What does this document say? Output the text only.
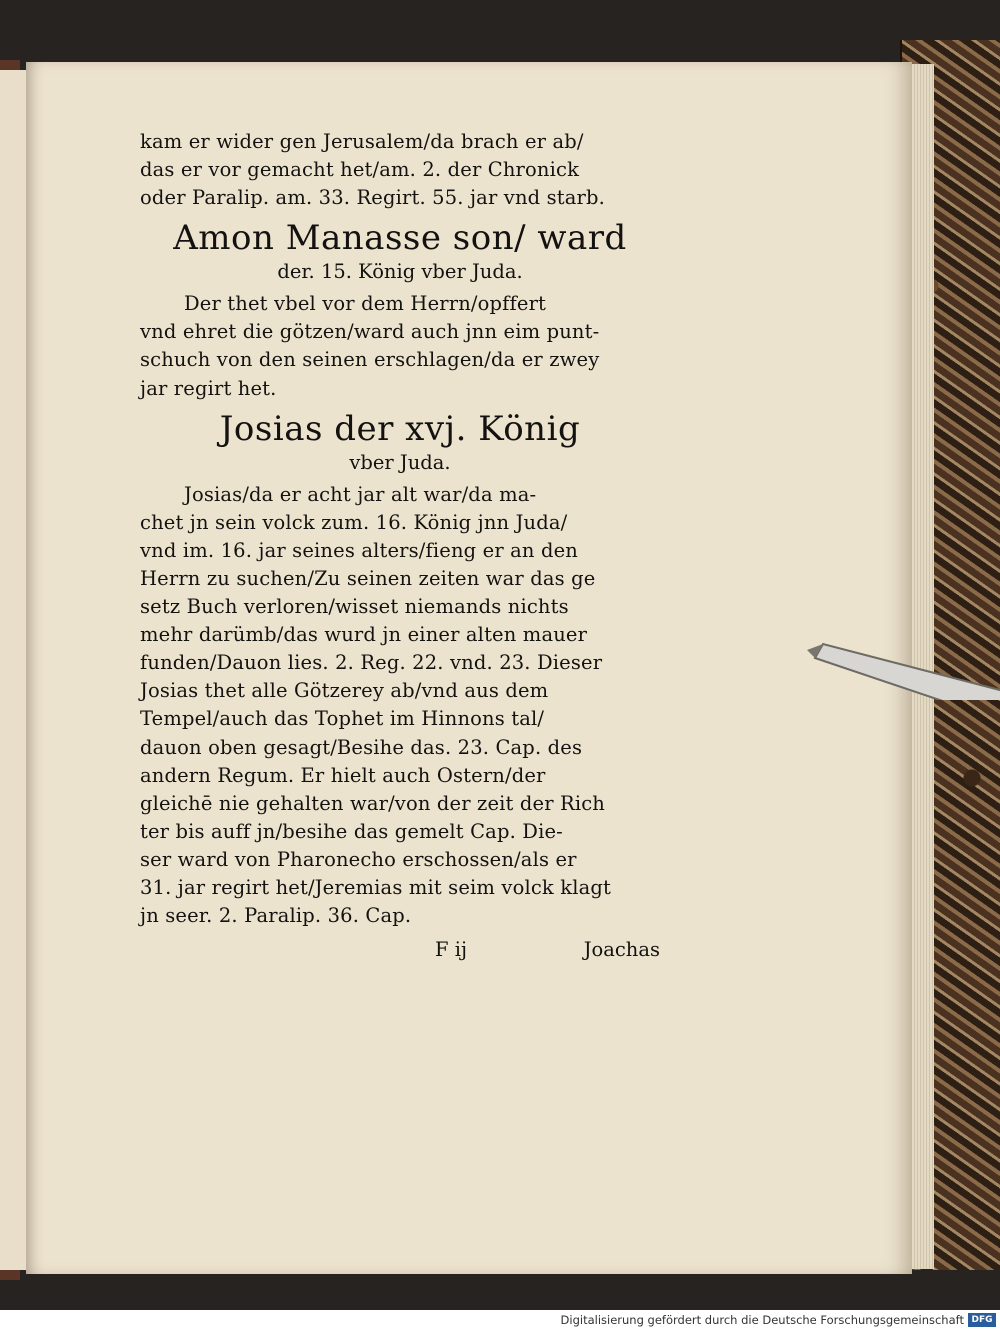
kam er wider gen Jerusalem/da brach er ab/
das er vor gemacht het/am. 2. der Chronick
oder Paralip. am. 33. Regirt. 55. jar vnd starb.
Amon Manasse son/ ward
der. 15. König vber Juda.
Der thet vbel vor dem Herrn/opffert
vnd ehret die götzen/ward auch jnn eim punt-
schuch von den seinen erschlagen/da er zwey
jar regirt het.
Josias der xvj. König
vber Juda.
Josias/da er acht jar alt war/da ma-
chet jn sein volck zum. 16. König jnn Juda/
vnd im. 16. jar seines alters/fieng er an den
Herrn zu suchen/Zu seinen zeiten war das ge
setz Buch verloren/wisset niemands nichts
mehr darümb/das wurd jn einer alten mauer
funden/Dauon lies. 2. Reg. 22. vnd. 23. Dieser
Josias thet alle Götzerey ab/vnd aus dem
Tempel/auch das Tophet im Hinnons tal/
dauon oben gesagt/Besihe das. 23. Cap. des
andern Regum. Er hielt auch Ostern/der
gleichē nie gehalten war/von der zeit der Rich
ter bis auff jn/besihe das gemelt Cap. Die-
ser ward von Pharonecho erschossen/als er
31. jar regirt het/Jeremias mit seim volck klagt
jn seer. 2. Paralip. 36. Cap.
F ij	Joachas
Digitalisierung gefördert durch die Deutsche Forschungsgemeinschaft DFG
